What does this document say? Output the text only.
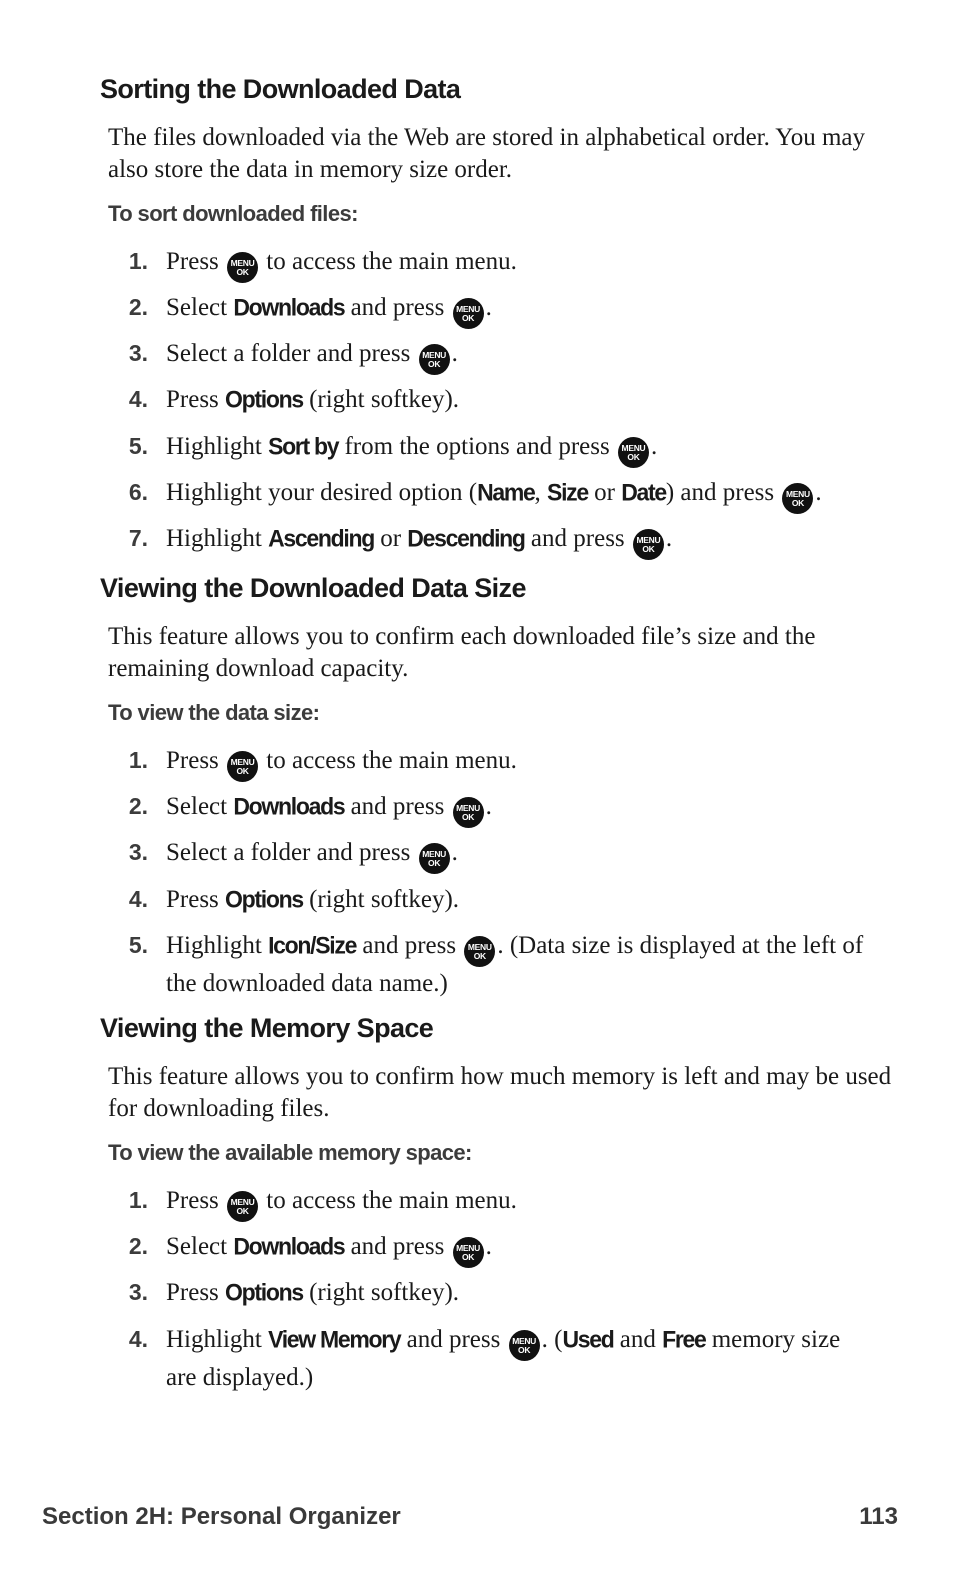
Sorting the Downloaded Data

The files downloaded via the Web are stored in alphabetical order. You may also store the data in memory size order.

To sort downloaded files:

1. Press MENU
OK to access the main menu.
2. Select Downloads and press MENU
OK .
3. Select a folder and press MENU
OK .
4. Press Options (right softkey).
5. Highlight Sort by from the options and press MENU
OK .
6. Highlight your desired option (Name, Size or Date) and press MENU
OK .
7. Highlight Ascending or Descending and press MENU
OK .
Viewing the Downloaded Data Size

This feature allows you to confirm each downloaded file’s size and the remaining download capacity.

To view the data size:

1. Press MENU
OK to access the main menu.
2. Select Downloads and press MENU
OK .
3. Select a folder and press MENU
OK .
4. Press Options (right softkey).
5. Highlight Icon/Size and press MENU
OK . (Data size is displayed at the left of the downloaded data name.)
Viewing the Memory Space

This feature allows you to confirm how much memory is left and may be used for downloading files.

To view the available memory space:

1. Press MENU
OK to access the main menu.
2. Select Downloads and press MENU
OK .
3. Press Options (right softkey).
4. Highlight View Memory and press MENU
OK . (Used and Free memory size are displayed.)

Section 2H: Personal Organizer	113
